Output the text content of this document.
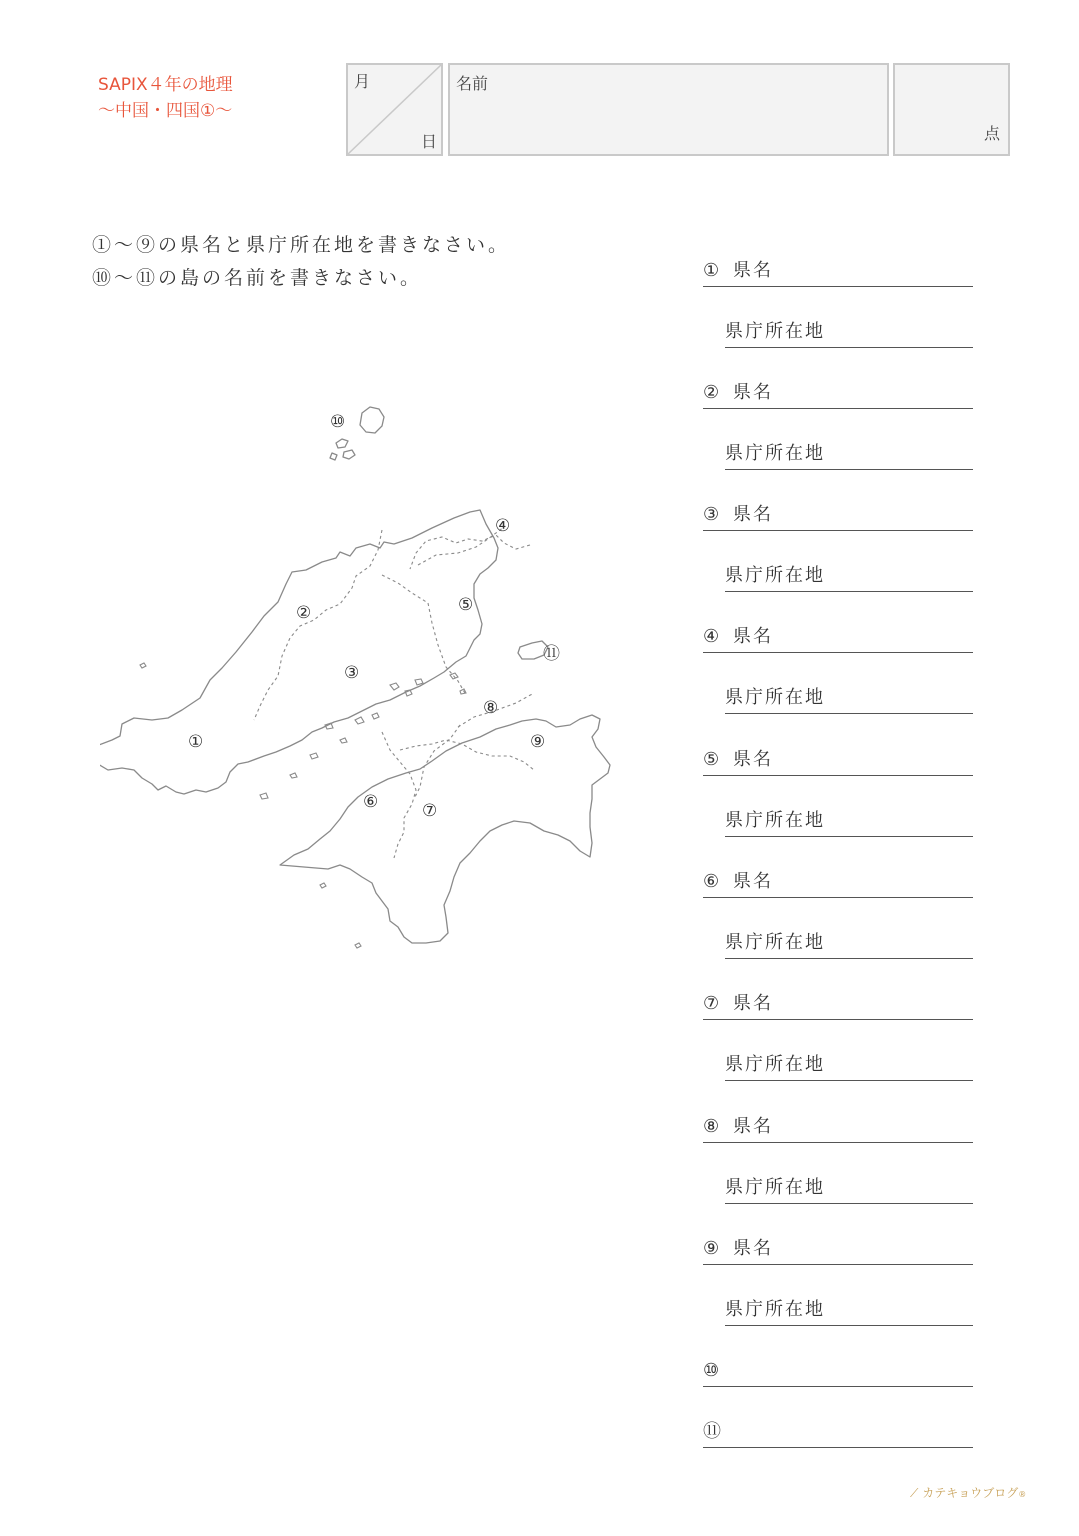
SAPIX４年の地理
〜中国・四国①〜
月
日
名前
点
①〜⑨の県名と県庁所在地を書きなさい。
⑩〜⑪の島の名前を書きなさい。	① 県名
県庁所在地
② 県名
県庁所在地
③ 県名
県庁所在地
④ 県名
県庁所在地
⑤ 県名
県庁所在地
⑥ 県名
県庁所在地
⑦ 県名
県庁所在地
⑧ 県名
県庁所在地
⑨ 県名
県庁所在地
⑩
⑪
①
②
③
④
⑤
⑥	⑦
⑧
⑨
⑩
⑪
⟋ カテキョウブログ®
